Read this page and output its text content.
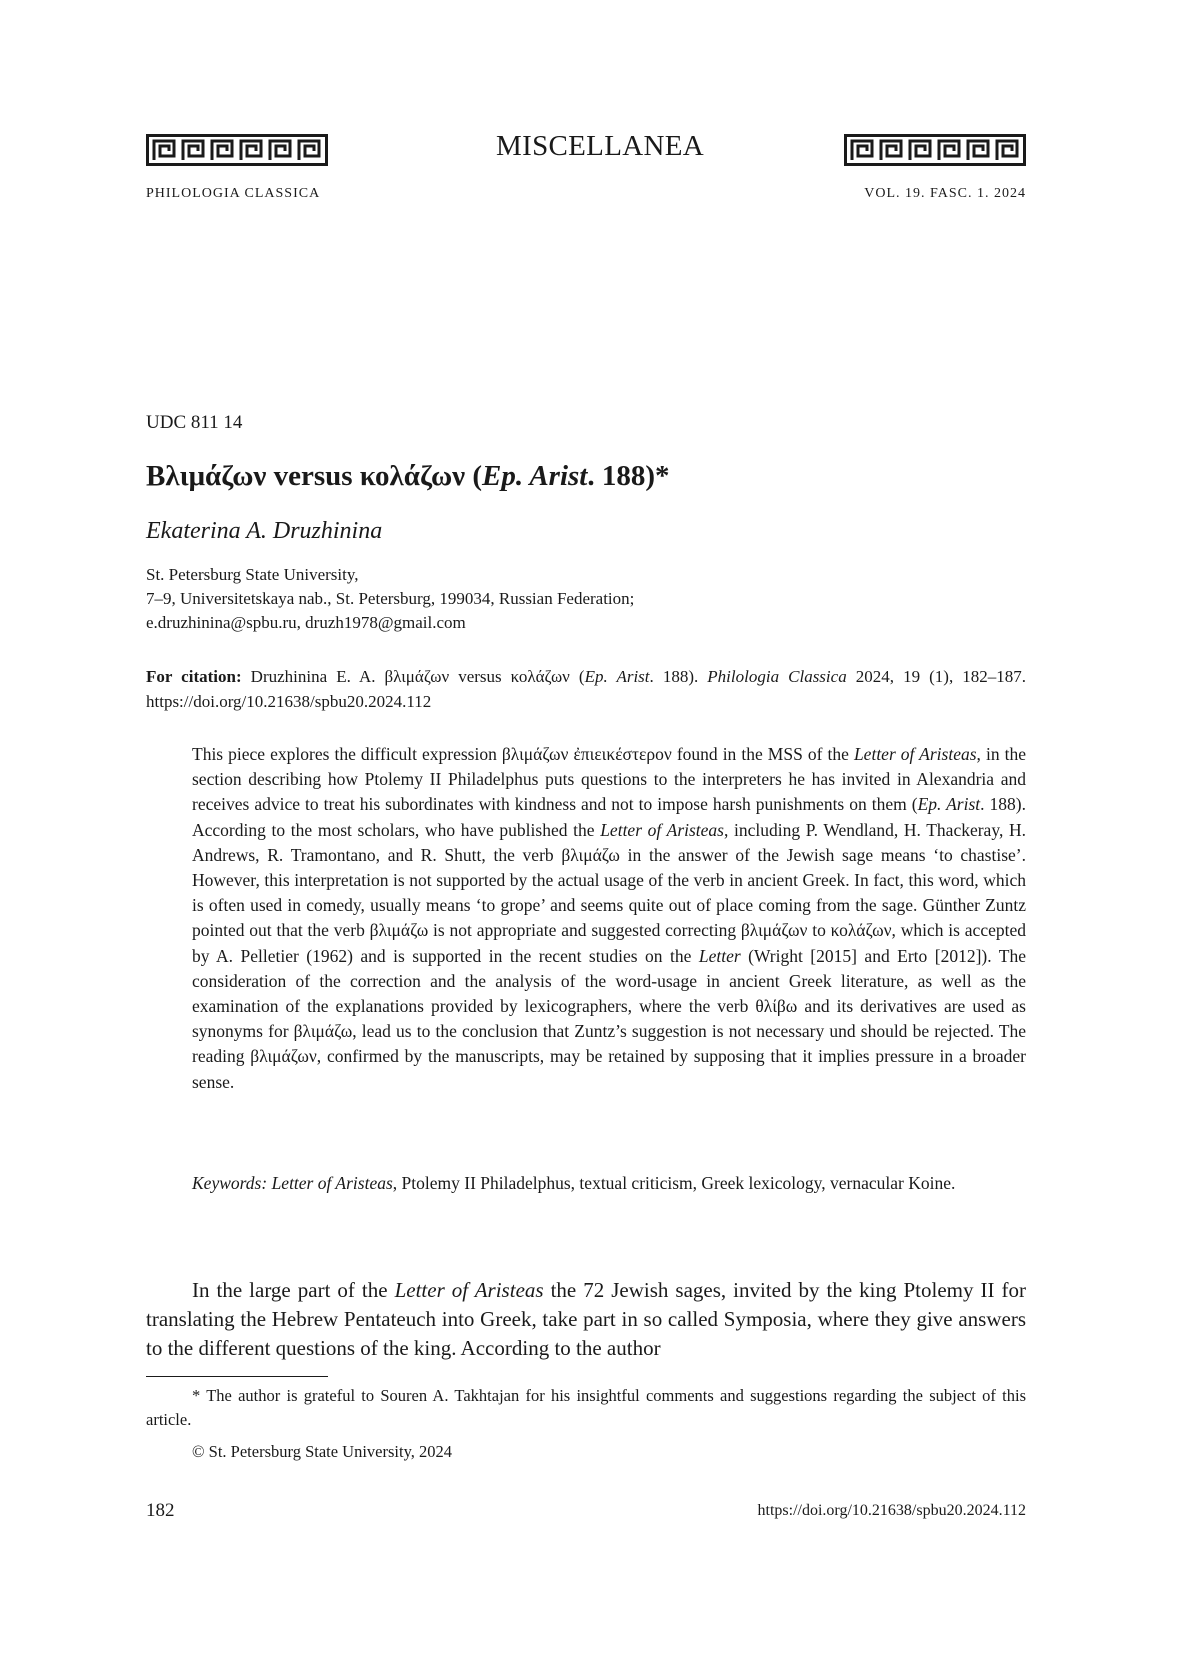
MISCELLANEA
PHILOLOGIA CLASSICA	VOL. 19. FASC. 1. 2024
UDC 811 14
Βλιμάζων versus κολάζων (Ep. Arist. 188)*
Ekaterina A. Druzhinina
St. Petersburg State University,
7–9, Universitetskaya nab., St. Petersburg, 199034, Russian Federation;
e.druzhinina@spbu.ru, druzh1978@gmail.com
For citation: Druzhinina E. A. βλιμάζων versus κολάζων (Ep. Arist. 188). Philologia Classica 2024, 19 (1), 182–187. https://doi.org/10.21638/spbu20.2024.112
This piece explores the difficult expression βλιμάζων ἐπιεικέστερον found in the MSS of the Letter of Aristeas, in the section describing how Ptolemy II Philadelphus puts questions to the interpreters he has invited in Alexandria and receives advice to treat his subordinates with kindness and not to impose harsh punishments on them (Ep. Arist. 188). According to the most scholars, who have published the Letter of Aristeas, including P. Wendland, H. Thackeray, H. Andrews, R. Tramontano, and R. Shutt, the verb βλιμάζω in the answer of the Jewish sage means ‘to chastise’. However, this interpretation is not supported by the actual usage of the verb in ancient Greek. In fact, this word, which is often used in comedy, usually means ‘to grope’ and seems quite out of place coming from the sage. Günther Zuntz pointed out that the verb βλιμάζω is not appropriate and suggested correcting βλιμάζων to κολάζων, which is accepted by A. Pelletier (1962) and is supported in the recent studies on the Letter (Wright [2015] and Erto [2012]). The consideration of the correction and the analysis of the word-usage in ancient Greek literature, as well as the examination of the explanations provided by lexicographers, where the verb θλίβω and its derivatives are used as synonyms for βλιμάζω, lead us to the conclusion that Zuntz’s suggestion is not necessary und should be rejected. The reading βλιμάζων, confirmed by the manuscripts, may be retained by supposing that it implies pressure in a broader sense.
Keywords: Letter of Aristeas, Ptolemy II Philadelphus, textual criticism, Greek lexicology, vernacular Koine.

In the large part of the Letter of Aristeas the 72 Jewish sages, invited by the king Ptolemy II for translating the Hebrew Pentateuch into Greek, take part in so called Symposia, where they give answers to the different questions of the king. According to the author

* The author is grateful to Souren A. Takhtajan for his insightful comments and suggestions regarding the subject of this article.
© St. Petersburg State University, 2024
182	https://doi.org/10.21638/spbu20.2024.112
